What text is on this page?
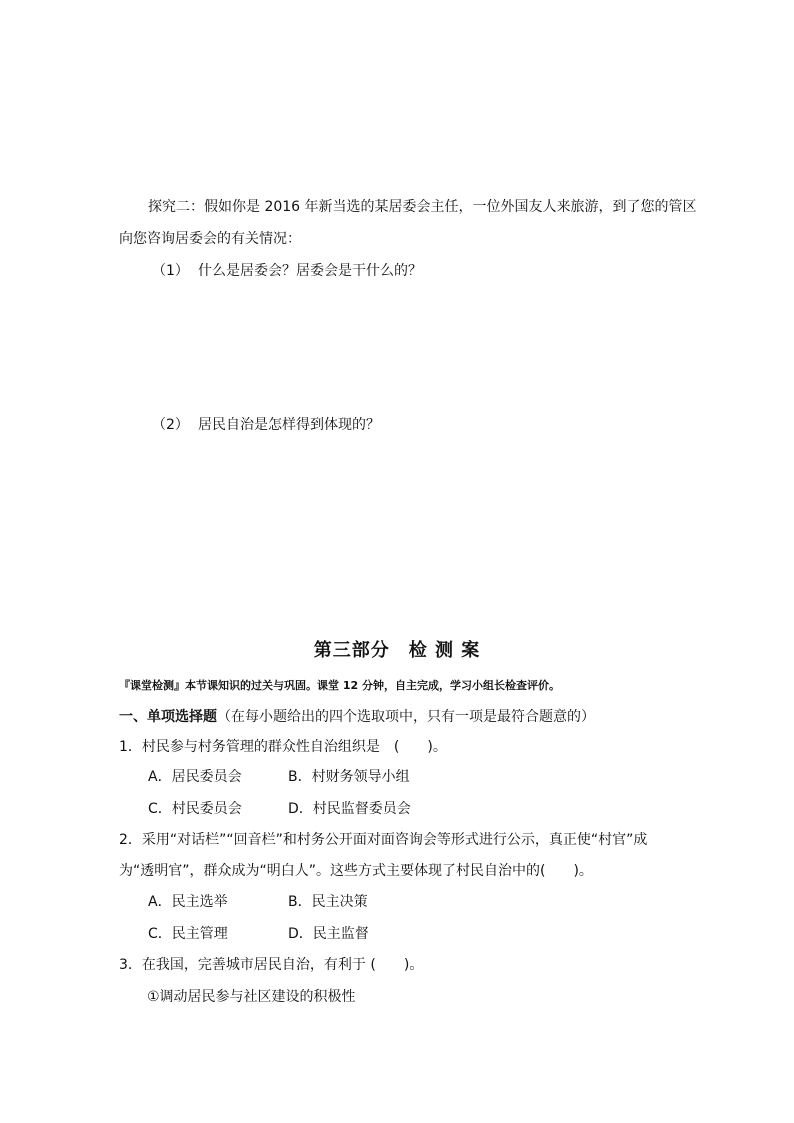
探究二：假如你是 2016 年新当选的某居委会主任，一位外国友人来旅游，到了您的管区
向您咨询居委会的有关情况：
（1） 什么是居委会？居委会是干什么的？
（2） 居民自治是怎样得到体现的？
第三部分　检 测 案
『课堂检测』本节课知识的过关与巩固。课堂 12 分钟，自主完成，学习小组长检查评价。
一、单项选择题（在每小题给出的四个选取项中，只有一项是最符合题意的）
1．村民参与村务管理的群众性自治组织是　(　　)。
A．居民委员会	B．村财务领导小组
C．村民委员会	D．村民监督委员会
2．采用“对话栏”“回音栏”和村务公开面对面咨询会等形式进行公示，真正使“村官”成
为“透明官”，群众成为“明白人”。这些方式主要体现了村民自治中的(　　)。
A．民主选举	B．民主决策
C．民主管理	D．民主监督
3．在我国，完善城市居民自治，有利于 (　　)。
①调动居民参与社区建设的积极性
